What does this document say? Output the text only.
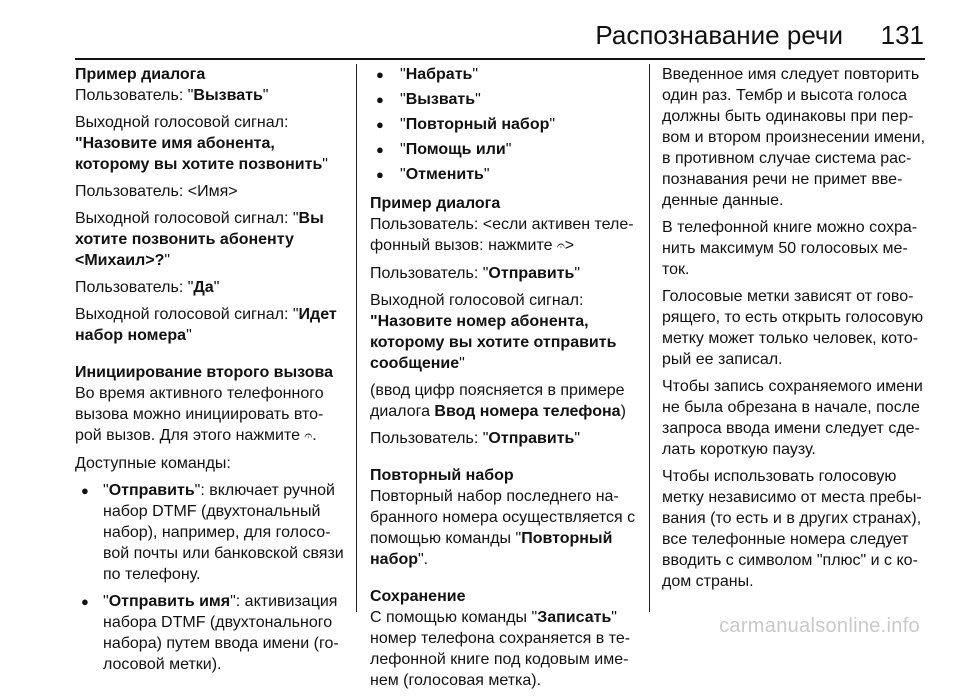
Распознавание речи 131

Пример диалога

Пользователь: "Вызвать"

Выходной голосовой сигнал:
"Назовите имя абонента, которому вы хотите позвонить"

Пользователь: <Имя>

Выходной голосовой сигнал: "Вы хотите позвонить абоненту <Михаил>?"

Пользователь: "Да"

Выходной голосовой сигнал: "Идет набор номера"

Инициирование второго вызова

Во время активного телефонного вызова можно инициировать вто-рой вызов. Для этого нажмите 𝄐.

Доступные команды:

● "Отправить": включает ручной набор DTMF (двухтональный набор), например, для голосо-вой почты или банковской связи по телефону.
● "Отправить имя": активизация набора DTMF (двухтонального набора) путем ввода имени (го-лосовой метки).
● "Набрать"
● "Вызвать"
● "Повторный набор"
● "Помощь или"
● "Отменить"

Пример диалога

Пользователь: <если активен теле-фонный вызов: нажмите 𝄐>

Пользователь: "Отправить"

Выходной голосовой сигнал:
"Назовите номер абонента, которому вы хотите отправить сообщение"

(ввод цифр поясняется в примере диалога Ввод номера телефона)

Пользователь: "Отправить"

Повторный набор

Повторный набор последнего на-бранного номера осуществляется с помощью команды "Повторный набор".

Сохранение

С помощью команды "Записать" номер телефона сохраняется в те-лефонной книге под кодовым име-нем (голосовая метка).

Введенное имя следует повторить один раз. Тембр и высота голоса должны быть одинаковы при пер-вом и втором произнесении имени, в противном случае система рас-познавания речи не примет вве-денные данные.

В телефонной книге можно сохра-нить максимум 50 голосовых ме-ток.

Голосовые метки зависят от гово-рящего, то есть открыть голосовую метку может только человек, кото-рый ее записал.

Чтобы запись сохраняемого имени не была обрезана в начале, после запроса ввода имени следует сде-лать короткую паузу.

Чтобы использовать голосовую метку независимо от места пребы-вания (то есть и в других странах), все телефонные номера следует вводить с символом "плюс" и с ко-дом страны.

carmanualsonline.info
